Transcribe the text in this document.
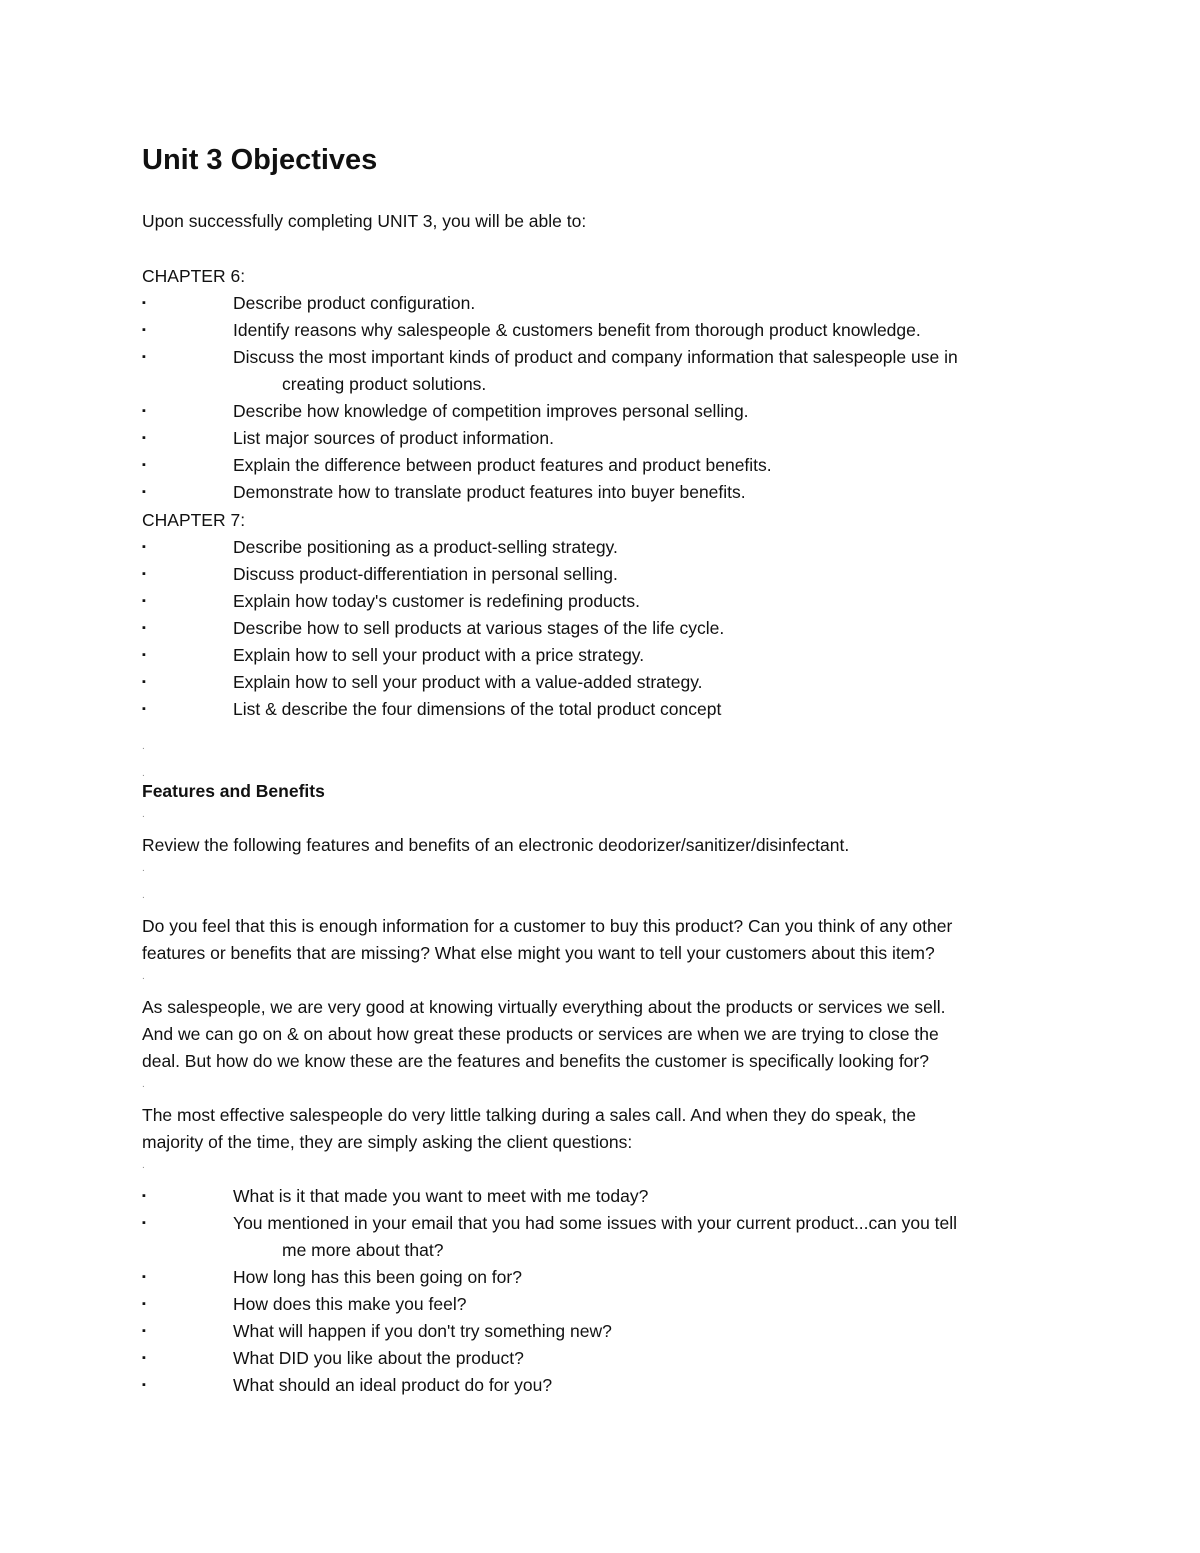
Unit 3 Objectives
Upon successfully completing UNIT 3, you will be able to:
CHAPTER 6:
▪	Describe product configuration.
▪	Identify reasons why salespeople & customers benefit from thorough product knowledge.
▪	Discuss the most important kinds of product and company information that salespeople use in
creating product solutions.
▪	Describe how knowledge of competition improves personal selling.
▪	List major sources of product information.
▪	Explain the difference between product features and product benefits.
▪	Demonstrate how to translate product features into buyer benefits.
CHAPTER 7:
▪	Describe positioning as a product-selling strategy.
▪	Discuss product-differentiation in personal selling.
▪	Explain how today's customer is redefining products.
▪	Describe how to sell products at various stages of the life cycle.
▪	Explain how to sell your product with a price strategy.
▪	Explain how to sell your product with a value-added strategy.
▪	List & describe the four dimensions of the total product concept
.
.
Features and Benefits
.

Review the following features and benefits of an electronic deodorizer/sanitizer/disinfectant.

.
.

Do you feel that this is enough information for a customer to buy this product? Can you think of any other

features or benefits that are missing? What else might you want to tell your customers about this item?

.

As salespeople, we are very good at knowing virtually everything about the products or services we sell.

And we can go on & on about how great these products or services are when we are trying to close the

deal. But how do we know these are the features and benefits the customer is specifically looking for?

.

The most effective salespeople do very little talking during a sales call. And when they do speak, the

majority of the time, they are simply asking the client questions:

.
▪	What is it that made you want to meet with me today?
▪	You mentioned in your email that you had some issues with your current product...can you tell
me more about that?
▪	How long has this been going on for?
▪	How does this make you feel?
▪	What will happen if you don't try something new?
▪	What DID you like about the product?
▪	What should an ideal product do for you?
